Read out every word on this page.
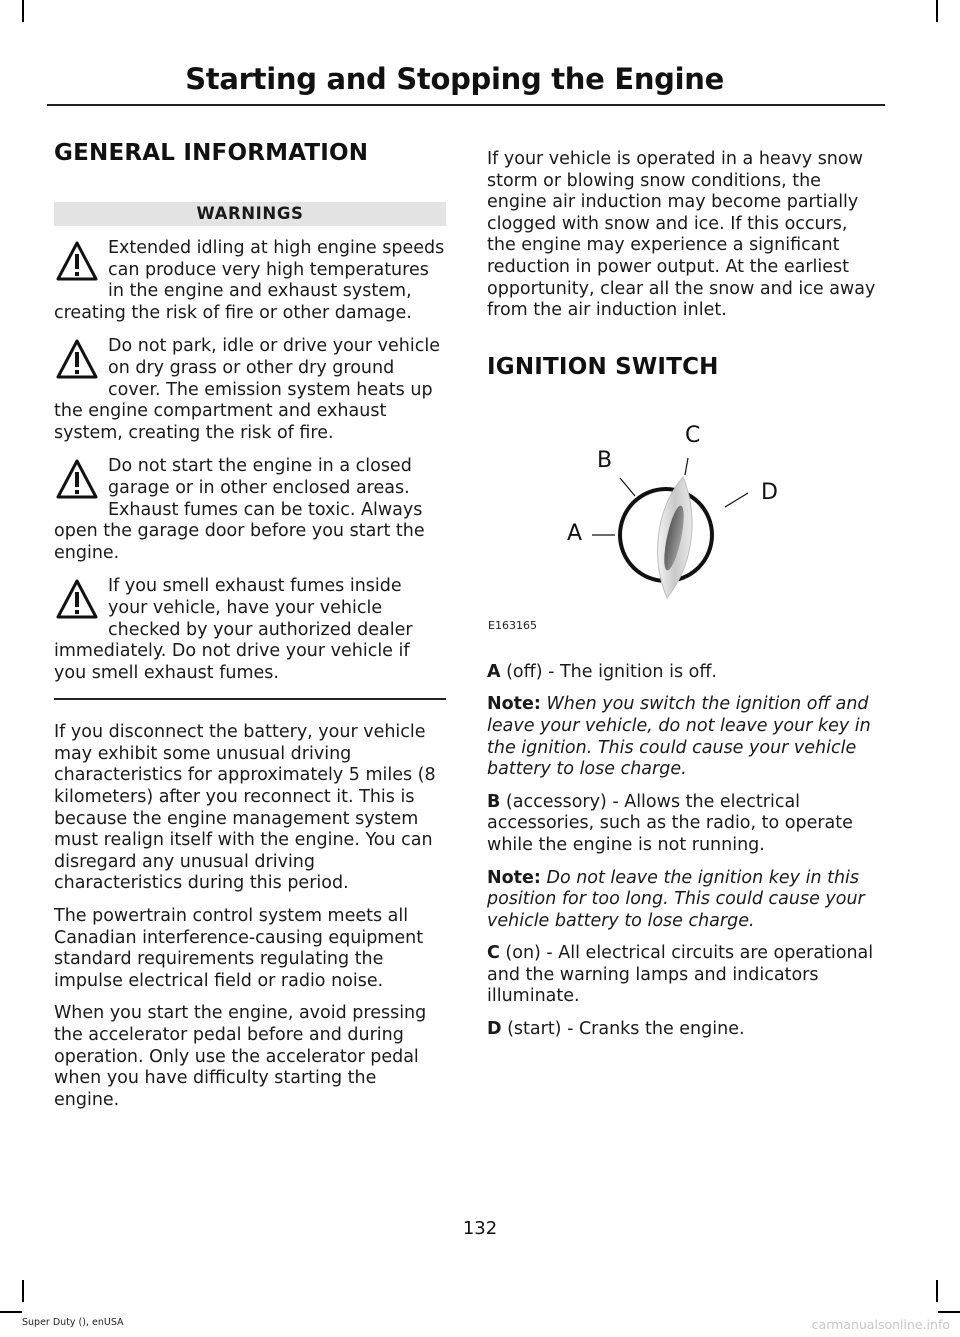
Starting and Stopping the Engine
GENERAL INFORMATION
WARNINGS
Extended idling at high engine speeds can produce very high temperatures in the engine and exhaust system, creating the risk of fire or other damage.
Do not park, idle or drive your vehicle on dry grass or other dry ground cover. The emission system heats up the engine compartment and exhaust system, creating the risk of fire.
Do not start the engine in a closed garage or in other enclosed areas. Exhaust fumes can be toxic. Always open the garage door before you start the engine.
If you smell exhaust fumes inside your vehicle, have your vehicle checked by your authorized dealer immediately. Do not drive your vehicle if you smell exhaust fumes.

If you disconnect the battery, your vehicle may exhibit some unusual driving characteristics for approximately 5 miles (8 kilometers) after you reconnect it. This is because the engine management system must realign itself with the engine. You can disregard any unusual driving characteristics during this period.

The powertrain control system meets all Canadian interference-causing equipment standard requirements regulating the impulse electrical field or radio noise.

When you start the engine, avoid pressing the accelerator pedal before and during operation. Only use the accelerator pedal when you have difficulty starting the engine.

If your vehicle is operated in a heavy snow storm or blowing snow conditions, the engine air induction may become partially clogged with snow and ice. If this occurs, the engine may experience a significant reduction in power output. At the earliest opportunity, clear all the snow and ice away from the air induction inlet.

IGNITION SWITCH
A
B
C
D
E163165

A (off) - The ignition is off.

Note: When you switch the ignition off and leave your vehicle, do not leave your key in the ignition. This could cause your vehicle battery to lose charge.

B (accessory) - Allows the electrical accessories, such as the radio, to operate while the engine is not running.

Note: Do not leave the ignition key in this position for too long. This could cause your vehicle battery to lose charge.

C (on) - All electrical circuits are operational and the warning lamps and indicators illuminate.

D (start) - Cranks the engine.

132
Super Duty (), enUSA	carmanualsonline.info
